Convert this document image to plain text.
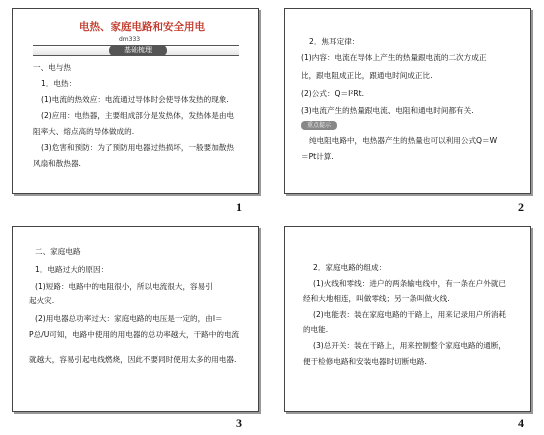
电热、家庭电路和安全用电
dm333
基础梳理
一、电与热
1．电热：
(1)电流的热效应：电流通过导体时会使导体发热的现象.
(2)应用：电热器，主要组成部分是发热体，发热体是由电
阻率大、熔点高的导体做成的.
(3)危害和预防：为了预防用电器过热损坏，一般要加散热
风扇和散热器.
1
2．焦耳定律：
(1)内容：电流在导体上产生的热量跟电流的二次方成正
比，跟电阻成正比，跟通电时间成正比.
(2)公式：Q＝I²Rt.
(3)电流产生的热量跟电流、电阻和通电时间都有关.
重点提示
纯电阻电路中，电热器产生的热量也可以利用公式Q＝W
＝Pt计算.
2
二、家庭电路
1．电路过大的原因：
(1)短路：电路中的电阻很小，所以电流很大，容易引
起火灾.
(2)用电器总功率过大：家庭电路的电压是一定的，由I＝
P总/U可知，电路中使用的用电器的总功率越大，干路中的电流
就越大，容易引起电线燃烧，因此不要同时使用太多的用电器.
3
2．家庭电路的组成：
(1)火线和零线：进户的两条输电线中，有一条在户外就已
经和大地相连，叫做零线；另一条叫做火线.
(2)电能表：装在家庭电路的干路上，用来记录用户所消耗
的电能.
(3)总开关：装在干路上，用来控制整个家庭电路的通断，
便于检修电路和安装电器时切断电路.
4
